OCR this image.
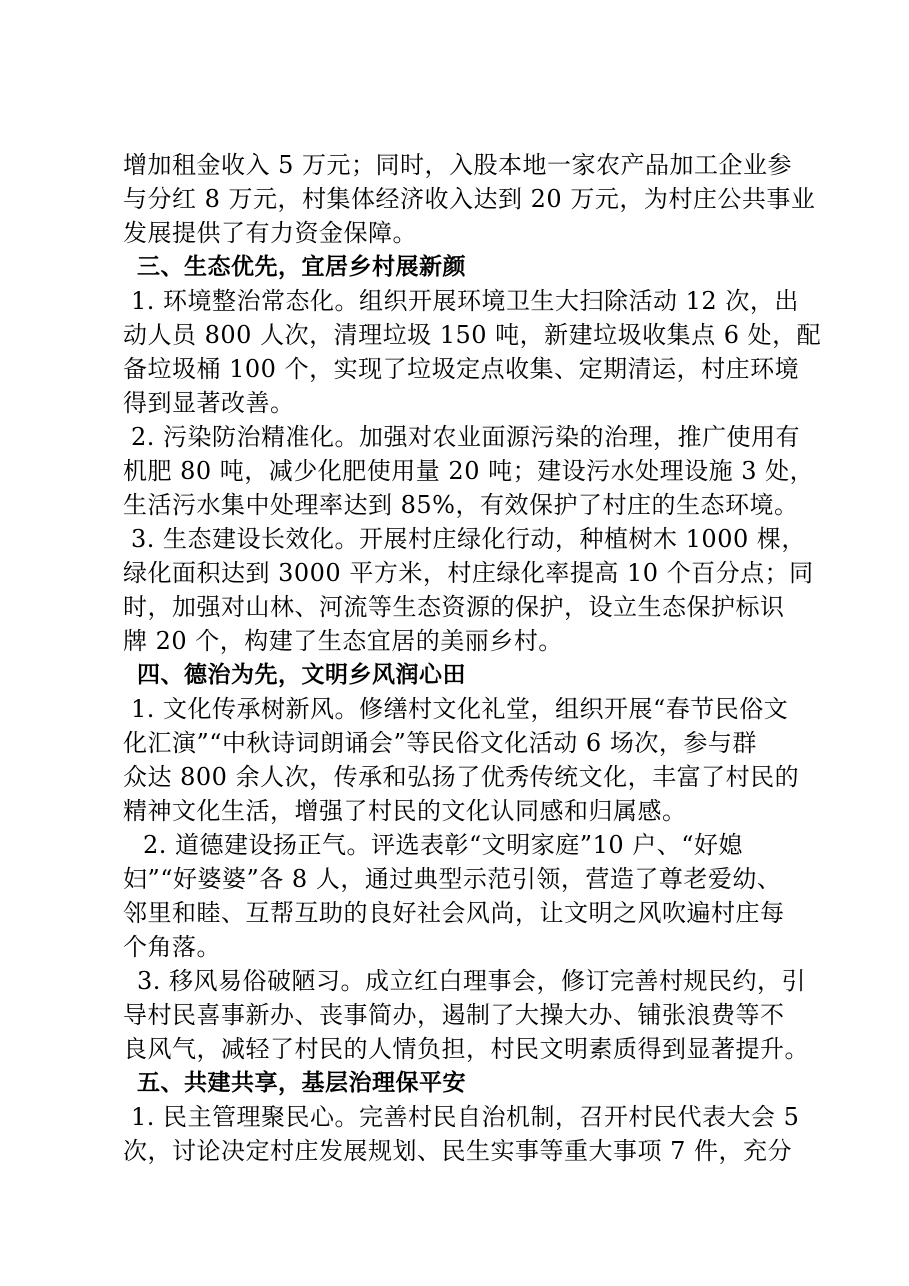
增加租金收入 5 万元；同时，入股本地一家农产品加工企业参
与分红 8 万元，村集体经济收入达到 20 万元，为村庄公共事业
发展提供了有力资金保障。
三、生态优先，宜居乡村展新颜
1. 环境整治常态化。组织开展环境卫生大扫除活动 12 次，出
动人员 800 人次，清理垃圾 150 吨，新建垃圾收集点 6 处，配
备垃圾桶 100 个，实现了垃圾定点收集、定期清运，村庄环境
得到显著改善。
2. 污染防治精准化。加强对农业面源污染的治理，推广使用有
机肥 80 吨，减少化肥使用量 20 吨；建设污水处理设施 3 处，
生活污水集中处理率达到 85%，有效保护了村庄的生态环境。
3. 生态建设长效化。开展村庄绿化行动，种植树木 1000 棵，
绿化面积达到 3000 平方米，村庄绿化率提高 10 个百分点；同
时，加强对山林、河流等生态资源的保护，设立生态保护标识
牌 20 个，构建了生态宜居的美丽乡村。
四、德治为先，文明乡风润心田
1. 文化传承树新风。修缮村文化礼堂，组织开展“春节民俗文
化汇演”“中秋诗词朗诵会”等民俗文化活动 6 场次，参与群
众达 800 余人次，传承和弘扬了优秀传统文化，丰富了村民的
精神文化生活，增强了村民的文化认同感和归属感。
2. 道德建设扬正气。评选表彰“文明家庭”10 户、“好媳
妇”“好婆婆”各 8 人，通过典型示范引领，营造了尊老爱幼、
邻里和睦、互帮互助的良好社会风尚，让文明之风吹遍村庄每
个角落。
3. 移风易俗破陋习。成立红白理事会，修订完善村规民约，引
导村民喜事新办、丧事简办，遏制了大操大办、铺张浪费等不
良风气，减轻了村民的人情负担，村民文明素质得到显著提升。
五、共建共享，基层治理保平安
1. 民主管理聚民心。完善村民自治机制，召开村民代表大会 5
次，讨论决定村庄发展规划、民生实事等重大事项 7 件，充分
